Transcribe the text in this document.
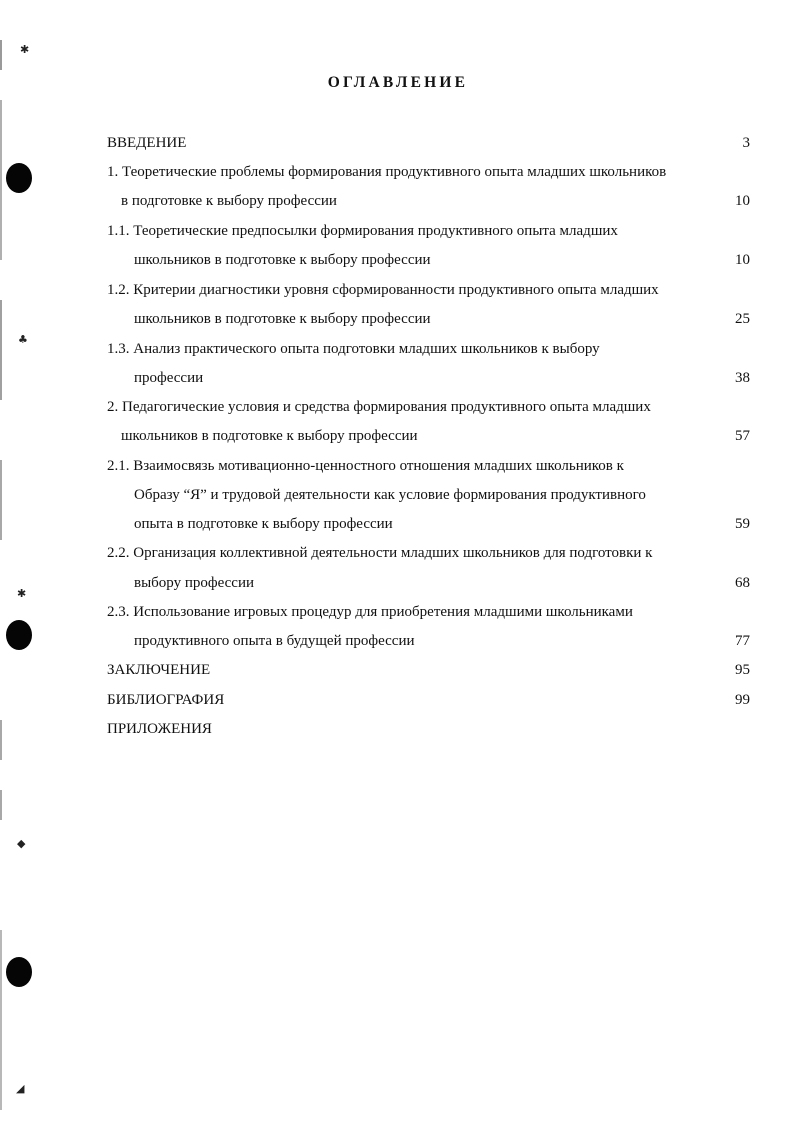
✱
♣
✱
◆
◢
ОГЛАВЛЕНИЕ
ВВЕДЕНИЕ	3
1. Теоретические проблемы формирования продуктивного опыта младших школьников
в подготовке к выбору профессии	10
1.1. Теоретические предпосылки формирования продуктивного опыта младших
школьников в подготовке к выбору профессии	10
1.2. Критерии диагностики уровня сформированности продуктивного опыта младших
школьников в подготовке к выбору профессии	25
1.3. Анализ практического опыта подготовки младших школьников к выбору
профессии	38
2. Педагогические условия и средства формирования продуктивного опыта младших
школьников в подготовке к выбору профессии	57
2.1. Взаимосвязь мотивационно-ценностного отношения младших школьников к
Образу “Я” и трудовой деятельности как условие формирования продуктивного
опыта в подготовке к выбору профессии	59
2.2. Организация коллективной деятельности младших школьников для подготовки к
выбору профессии	68
2.3. Использование игровых процедур для приобретения младшими школьниками
продуктивного опыта в будущей профессии	77
ЗАКЛЮЧЕНИЕ	95
БИБЛИОГРАФИЯ	99
ПРИЛОЖЕНИЯ
